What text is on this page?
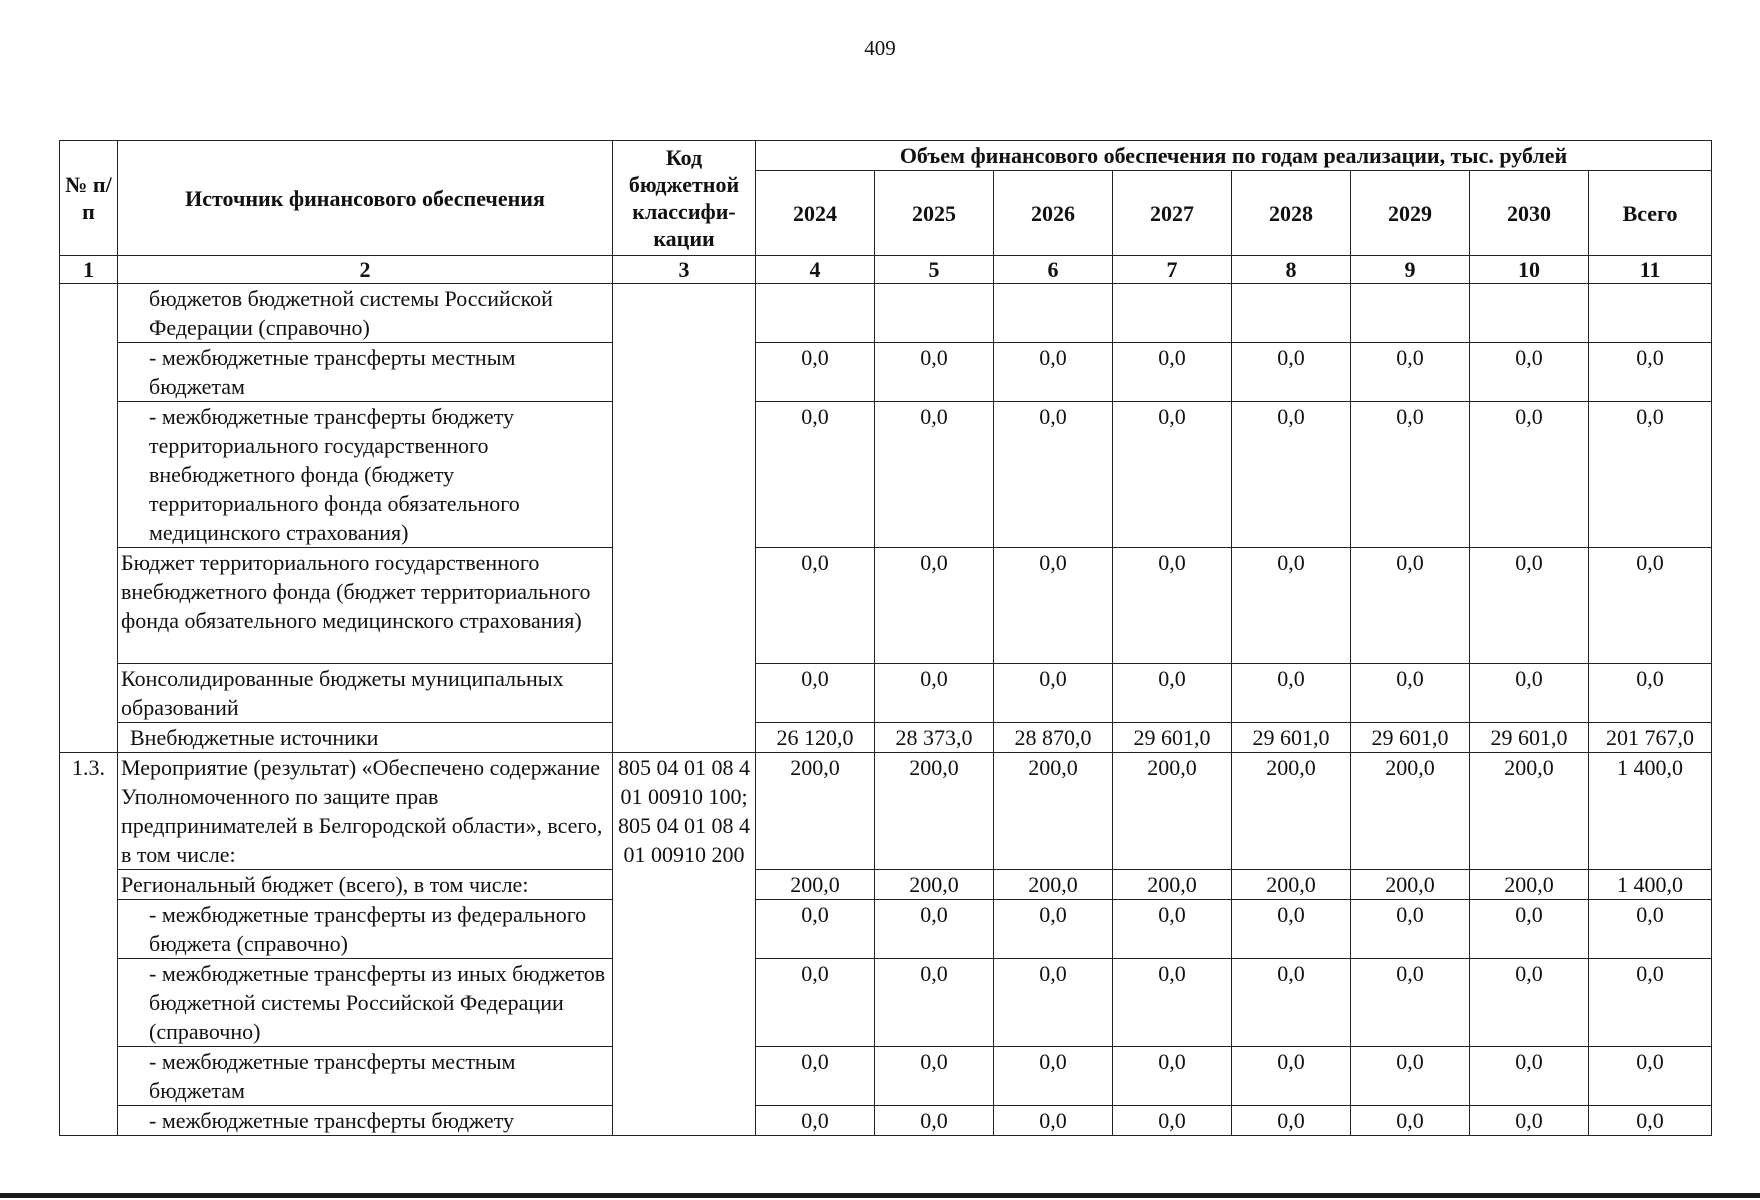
409
№ п/п	Источник финансового обеспечения	Код бюджетной классифи-кации	Объем финансового обеспечения по годам реализации, тыс. рублей							
			2024	2025	2026	2027	2028	2029	2030	Всего
1	2	3	4	5	6	7	8	9	10	11
	бюджетов бюджетной системы Российской Федерации (справочно)									
	- межбюджетные трансферты местным бюджетам		0,0	0,0	0,0	0,0	0,0	0,0	0,0	0,0
	- межбюджетные трансферты бюджету территориального государственного внебюджетного фонда (бюджету территориального фонда обязательного медицинского страхования)		0,0	0,0	0,0	0,0	0,0	0,0	0,0	0,0
	Бюджет территориального государственного внебюджетного фонда (бюджет территориального фонда обязательного медицинского страхования)		0,0	0,0	0,0	0,0	0,0	0,0	0,0	0,0
	Консолидированные бюджеты муниципальных образований		0,0	0,0	0,0	0,0	0,0	0,0	0,0	0,0
	Внебюджетные источники		26 120,0	28 373,0	28 870,0	29 601,0	29 601,0	29 601,0	29 601,0	201 767,0
1.3.	Мероприятие (результат) «Обеспечено содержание Уполномоченного по защите прав предпринимателей в Белгородской области», всего, в том числе:	805 04 01 08 4 01 00910 100; 805 04 01 08 4 01 00910 200	200,0	200,0	200,0	200,0	200,0	200,0	200,0	1 400,0
	Региональный бюджет (всего), в том числе:		200,0	200,0	200,0	200,0	200,0	200,0	200,0	1 400,0
	- межбюджетные трансферты из федерального бюджета (справочно)		0,0	0,0	0,0	0,0	0,0	0,0	0,0	0,0
	- межбюджетные трансферты из иных бюджетов бюджетной системы Российской Федерации (справочно)		0,0	0,0	0,0	0,0	0,0	0,0	0,0	0,0
	- межбюджетные трансферты местным бюджетам		0,0	0,0	0,0	0,0	0,0	0,0	0,0	0,0
	- межбюджетные трансферты бюджету		0,0	0,0	0,0	0,0	0,0	0,0	0,0	0,0
